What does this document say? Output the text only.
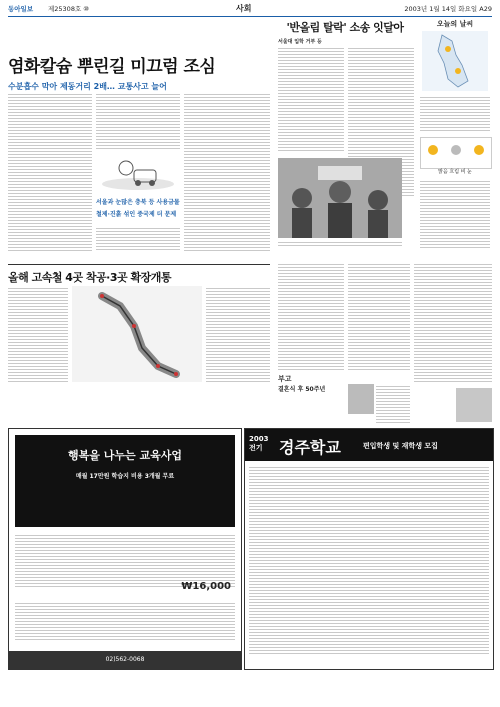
동아일보 제25308호 ⑩	사회	2003년 1월 14일 화요일 A29
염화칼슘 뿌린길 미끄럼 조심
수분흡수 막아 제동거리 2배… 교통사고 늘어
서울과 눈많은 충북 등 사용금물
철제·진흙 섞인 중국제 더 문제
올해 고속철 4곳 착공·3곳 확장개통
'반올림 탈락' 소송 잇달아
서울대 입학 거부 등
오늘의 날씨
맑음 흐림 비 눈
부고
결혼식 후 50주년
행복을 나누는 교육사업
매월 17만원 학습지 비용 3개월 무료
₩16,000
02)562-0068
2003 전기	경주학교	편입학생 및 재학생 모집
